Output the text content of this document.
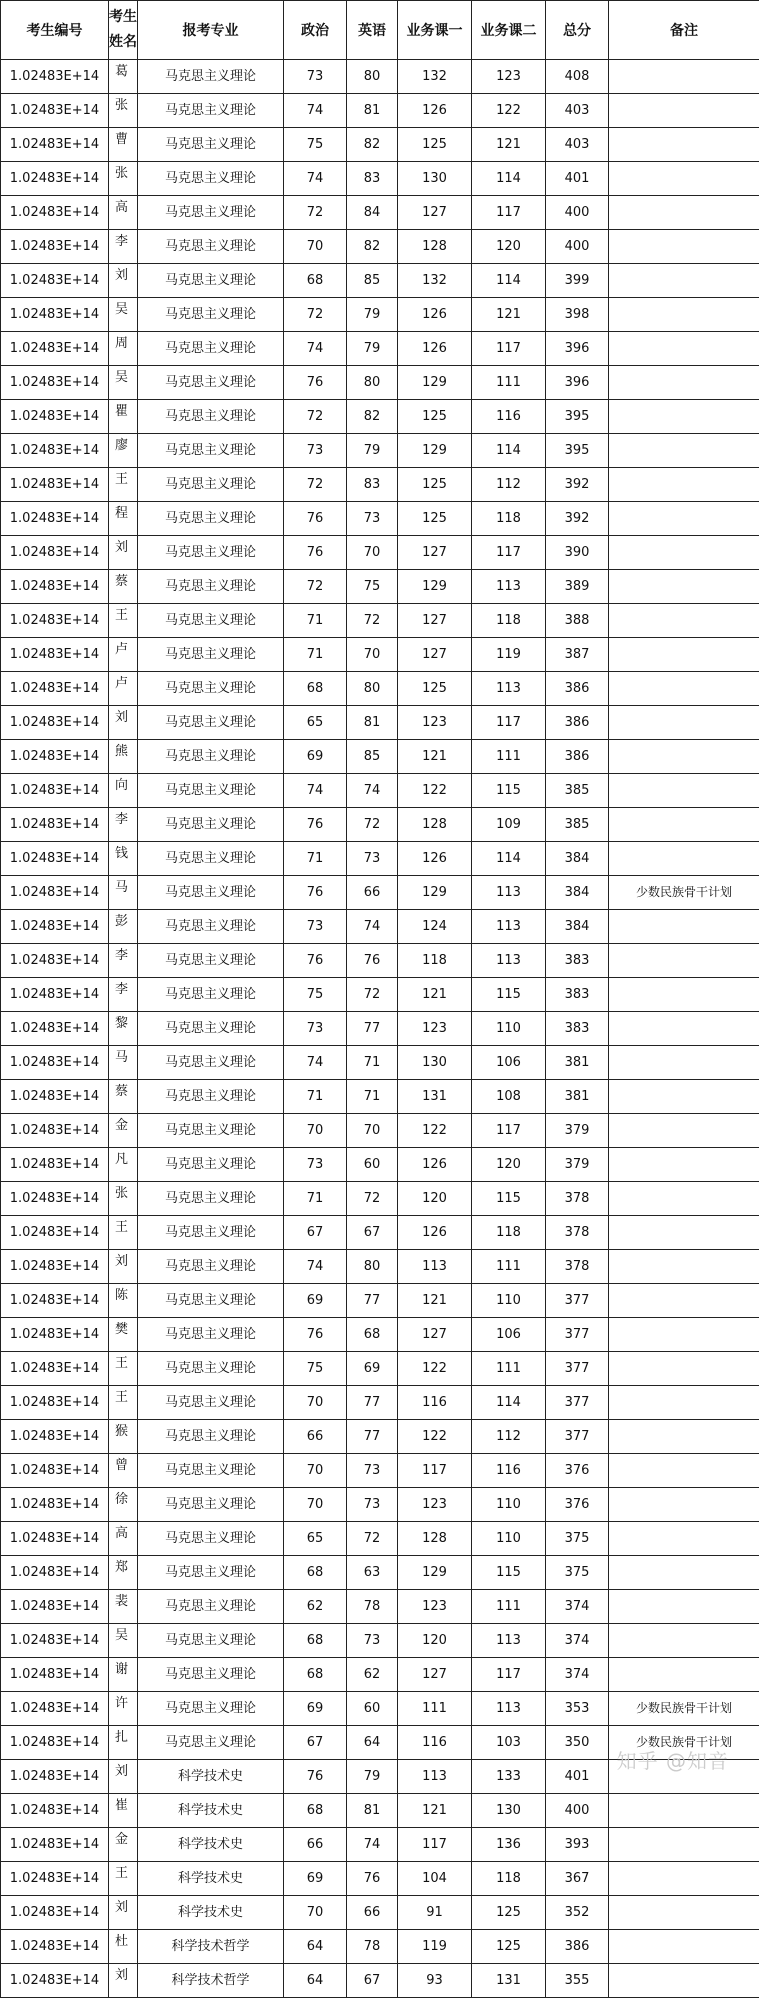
考生编号	考生姓名	报考专业	政治	英语	业务课一	业务课二	总分	备注
1.02483E+14	葛	马克思主义理论	73	80	132	123	408	
1.02483E+14	张	马克思主义理论	74	81	126	122	403	
1.02483E+14	曹	马克思主义理论	75	82	125	121	403	
1.02483E+14	张	马克思主义理论	74	83	130	114	401	
1.02483E+14	高	马克思主义理论	72	84	127	117	400	
1.02483E+14	李	马克思主义理论	70	82	128	120	400	
1.02483E+14	刘	马克思主义理论	68	85	132	114	399	
1.02483E+14	吴	马克思主义理论	72	79	126	121	398	
1.02483E+14	周	马克思主义理论	74	79	126	117	396	
1.02483E+14	吴	马克思主义理论	76	80	129	111	396	
1.02483E+14	瞿	马克思主义理论	72	82	125	116	395	
1.02483E+14	廖	马克思主义理论	73	79	129	114	395	
1.02483E+14	王	马克思主义理论	72	83	125	112	392	
1.02483E+14	程	马克思主义理论	76	73	125	118	392	
1.02483E+14	刘	马克思主义理论	76	70	127	117	390	
1.02483E+14	蔡	马克思主义理论	72	75	129	113	389	
1.02483E+14	王	马克思主义理论	71	72	127	118	388	
1.02483E+14	卢	马克思主义理论	71	70	127	119	387	
1.02483E+14	卢	马克思主义理论	68	80	125	113	386	
1.02483E+14	刘	马克思主义理论	65	81	123	117	386	
1.02483E+14	熊	马克思主义理论	69	85	121	111	386	
1.02483E+14	向	马克思主义理论	74	74	122	115	385	
1.02483E+14	李	马克思主义理论	76	72	128	109	385	
1.02483E+14	钱	马克思主义理论	71	73	126	114	384	
1.02483E+14	马	马克思主义理论	76	66	129	113	384	少数民族骨干计划
1.02483E+14	彭	马克思主义理论	73	74	124	113	384	
1.02483E+14	李	马克思主义理论	76	76	118	113	383	
1.02483E+14	李	马克思主义理论	75	72	121	115	383	
1.02483E+14	黎	马克思主义理论	73	77	123	110	383	
1.02483E+14	马	马克思主义理论	74	71	130	106	381	
1.02483E+14	蔡	马克思主义理论	71	71	131	108	381	
1.02483E+14	金	马克思主义理论	70	70	122	117	379	
1.02483E+14	凡	马克思主义理论	73	60	126	120	379	
1.02483E+14	张	马克思主义理论	71	72	120	115	378	
1.02483E+14	王	马克思主义理论	67	67	126	118	378	
1.02483E+14	刘	马克思主义理论	74	80	113	111	378	
1.02483E+14	陈	马克思主义理论	69	77	121	110	377	
1.02483E+14	樊	马克思主义理论	76	68	127	106	377	
1.02483E+14	王	马克思主义理论	75	69	122	111	377	
1.02483E+14	王	马克思主义理论	70	77	116	114	377	
1.02483E+14	猴	马克思主义理论	66	77	122	112	377	
1.02483E+14	曾	马克思主义理论	70	73	117	116	376	
1.02483E+14	徐	马克思主义理论	70	73	123	110	376	
1.02483E+14	高	马克思主义理论	65	72	128	110	375	
1.02483E+14	郑	马克思主义理论	68	63	129	115	375	
1.02483E+14	裴	马克思主义理论	62	78	123	111	374	
1.02483E+14	吴	马克思主义理论	68	73	120	113	374	
1.02483E+14	谢	马克思主义理论	68	62	127	117	374	
1.02483E+14	许	马克思主义理论	69	60	111	113	353	少数民族骨干计划
1.02483E+14	扎	马克思主义理论	67	64	116	103	350	少数民族骨干计划
1.02483E+14	刘	科学技术史	76	79	113	133	401	
1.02483E+14	崔	科学技术史	68	81	121	130	400	
1.02483E+14	金	科学技术史	66	74	117	136	393	
1.02483E+14	王	科学技术史	69	76	104	118	367	
1.02483E+14	刘	科学技术史	70	66	91	125	352	
1.02483E+14	杜	科学技术哲学	64	78	119	125	386	
1.02483E+14	刘	科学技术哲学	64	67	93	131	355	
知乎 @知音
